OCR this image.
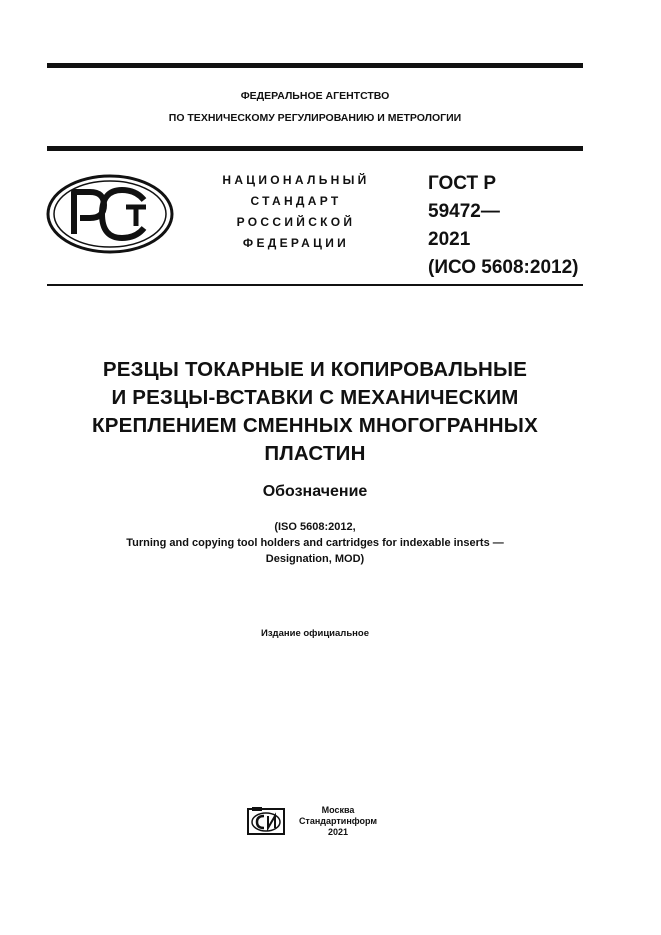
ФЕДЕРАЛЬНОЕ АГЕНТСТВО
ПО ТЕХНИЧЕСКОМУ РЕГУЛИРОВАНИЮ И МЕТРОЛОГИИ
НАЦИОНАЛЬНЫЙ
СТАНДАРТ
РОССИЙСКОЙ
ФЕДЕРАЦИИ
ГОСТ Р
59472—
2021
(ИСО 5608:2012)
РЕЗЦЫ ТОКАРНЫЕ И КОПИРОВАЛЬНЫЕ
И РЕЗЦЫ-ВСТАВКИ С МЕХАНИЧЕСКИМ
КРЕПЛЕНИЕМ СМЕННЫХ МНОГОГРАННЫХ
ПЛАСТИН
Обозначение
(ISO 5608:2012,
Turning and copying tool holders and cartridges for indexable inserts —
Designation, MOD)
Издание официальное
Москва
Стандартинформ
2021
